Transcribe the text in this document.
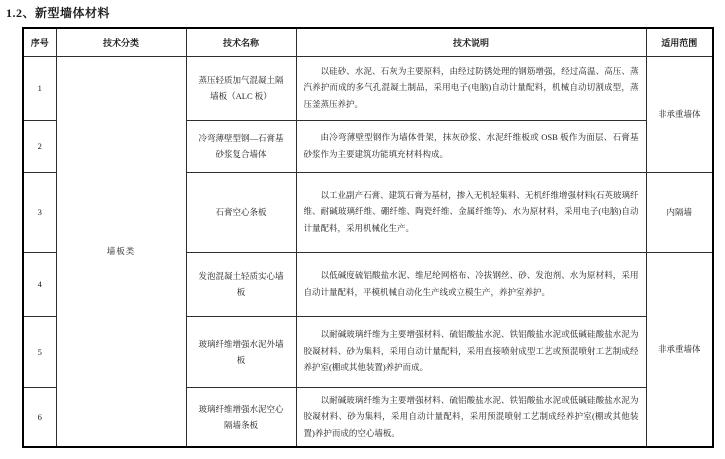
1.2、新型墙体材料
序号	技术分类	技术名称	技术说明	适用范围
1	墙板类	蒸压轻质加气混凝土隔墙板（ALC 板）	以硅砂、水泥、石灰为主要原料，由经过防锈处理的钢筋增强，经过高温、高压、蒸汽养护而成的多气孔混凝土制品，采用电子(电脑)自动计量配料，机械自动切割成型，蒸压釜蒸压养护。	非承重墙体
2		冷弯薄壁型钢—石膏基砂浆复合墙体	由冷弯薄壁型钢作为墙体骨架，抹灰砂浆、水泥纤维板或 OSB 板作为面层、石膏基砂浆作为主要建筑功能填充材料构成。	
3		石膏空心条板	以工业副产石膏、建筑石膏为基材，掺入无机轻集料、无机纤维增强材料(石英玻璃纤维、耐碱玻璃纤维、硼纤维、陶瓷纤维、金属纤维等)、水为原材料，采用电子(电脑)自动计量配料，采用机械化生产。	内隔墙
4		发泡混凝土轻质实心墙板	以低碱度硫铝酸盐水泥、维尼纶网格布、冷拔钢丝、砂、发泡剂、水为原材料，采用自动计量配料，平模机械自动化生产线或立模生产，养护室养护。	非承重墙体
5		玻璃纤维增强水泥外墙板	以耐碱玻璃纤维为主要增强材料、硫铝酸盐水泥、铁铝酸盐水泥或低碱硅酸盐水泥为胶凝材料、砂为集料，采用自动计量配料，采用直接喷射成型工艺或预混喷射工艺制成经养护室(棚或其他装置)养护而成。	
6		玻璃纤维增强水泥空心隔墙条板	以耐碱玻璃纤维为主要增强材料、硫铝酸盐水泥、铁铝酸盐水泥或低碱硅酸盐水泥为胶凝材料、砂为集料，采用自动计量配料，采用预混喷射工艺制成经养护室(棚或其他装置)养护而成的空心墙板。	
